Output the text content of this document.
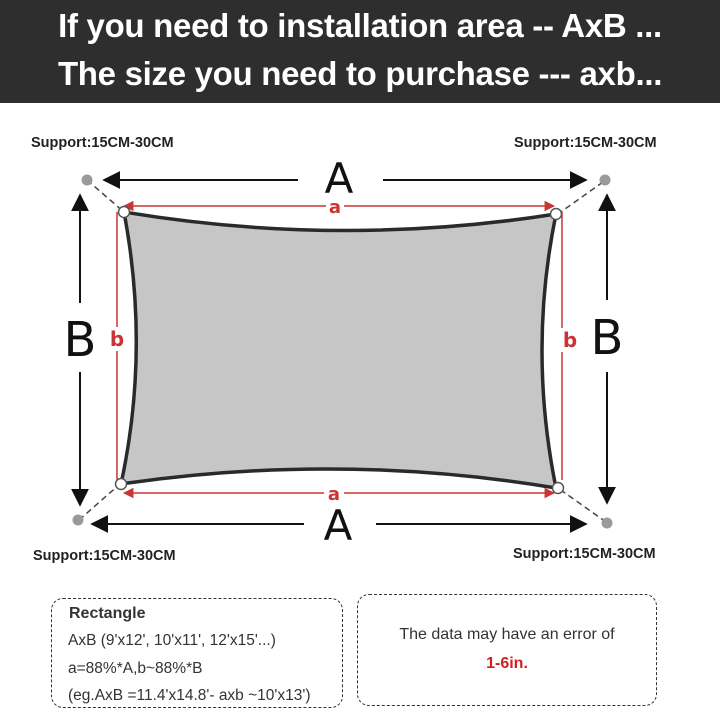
If you need to installation area -- AxB ...
The size you need to purchase --- axb...
Support:15CM-30CM	Support:15CM-30CM
Support:15CM-30CM	Support:15CM-30CM
A
A
B	B
a
a
b	b
Rectangle
AxB (9'x12', 10'x11', 12'x15'...)
a=88%*A,b~88%*B
(eg.AxB =11.4'x14.8'- axb ~10'x13')
The data may have an error of
1-6in.
